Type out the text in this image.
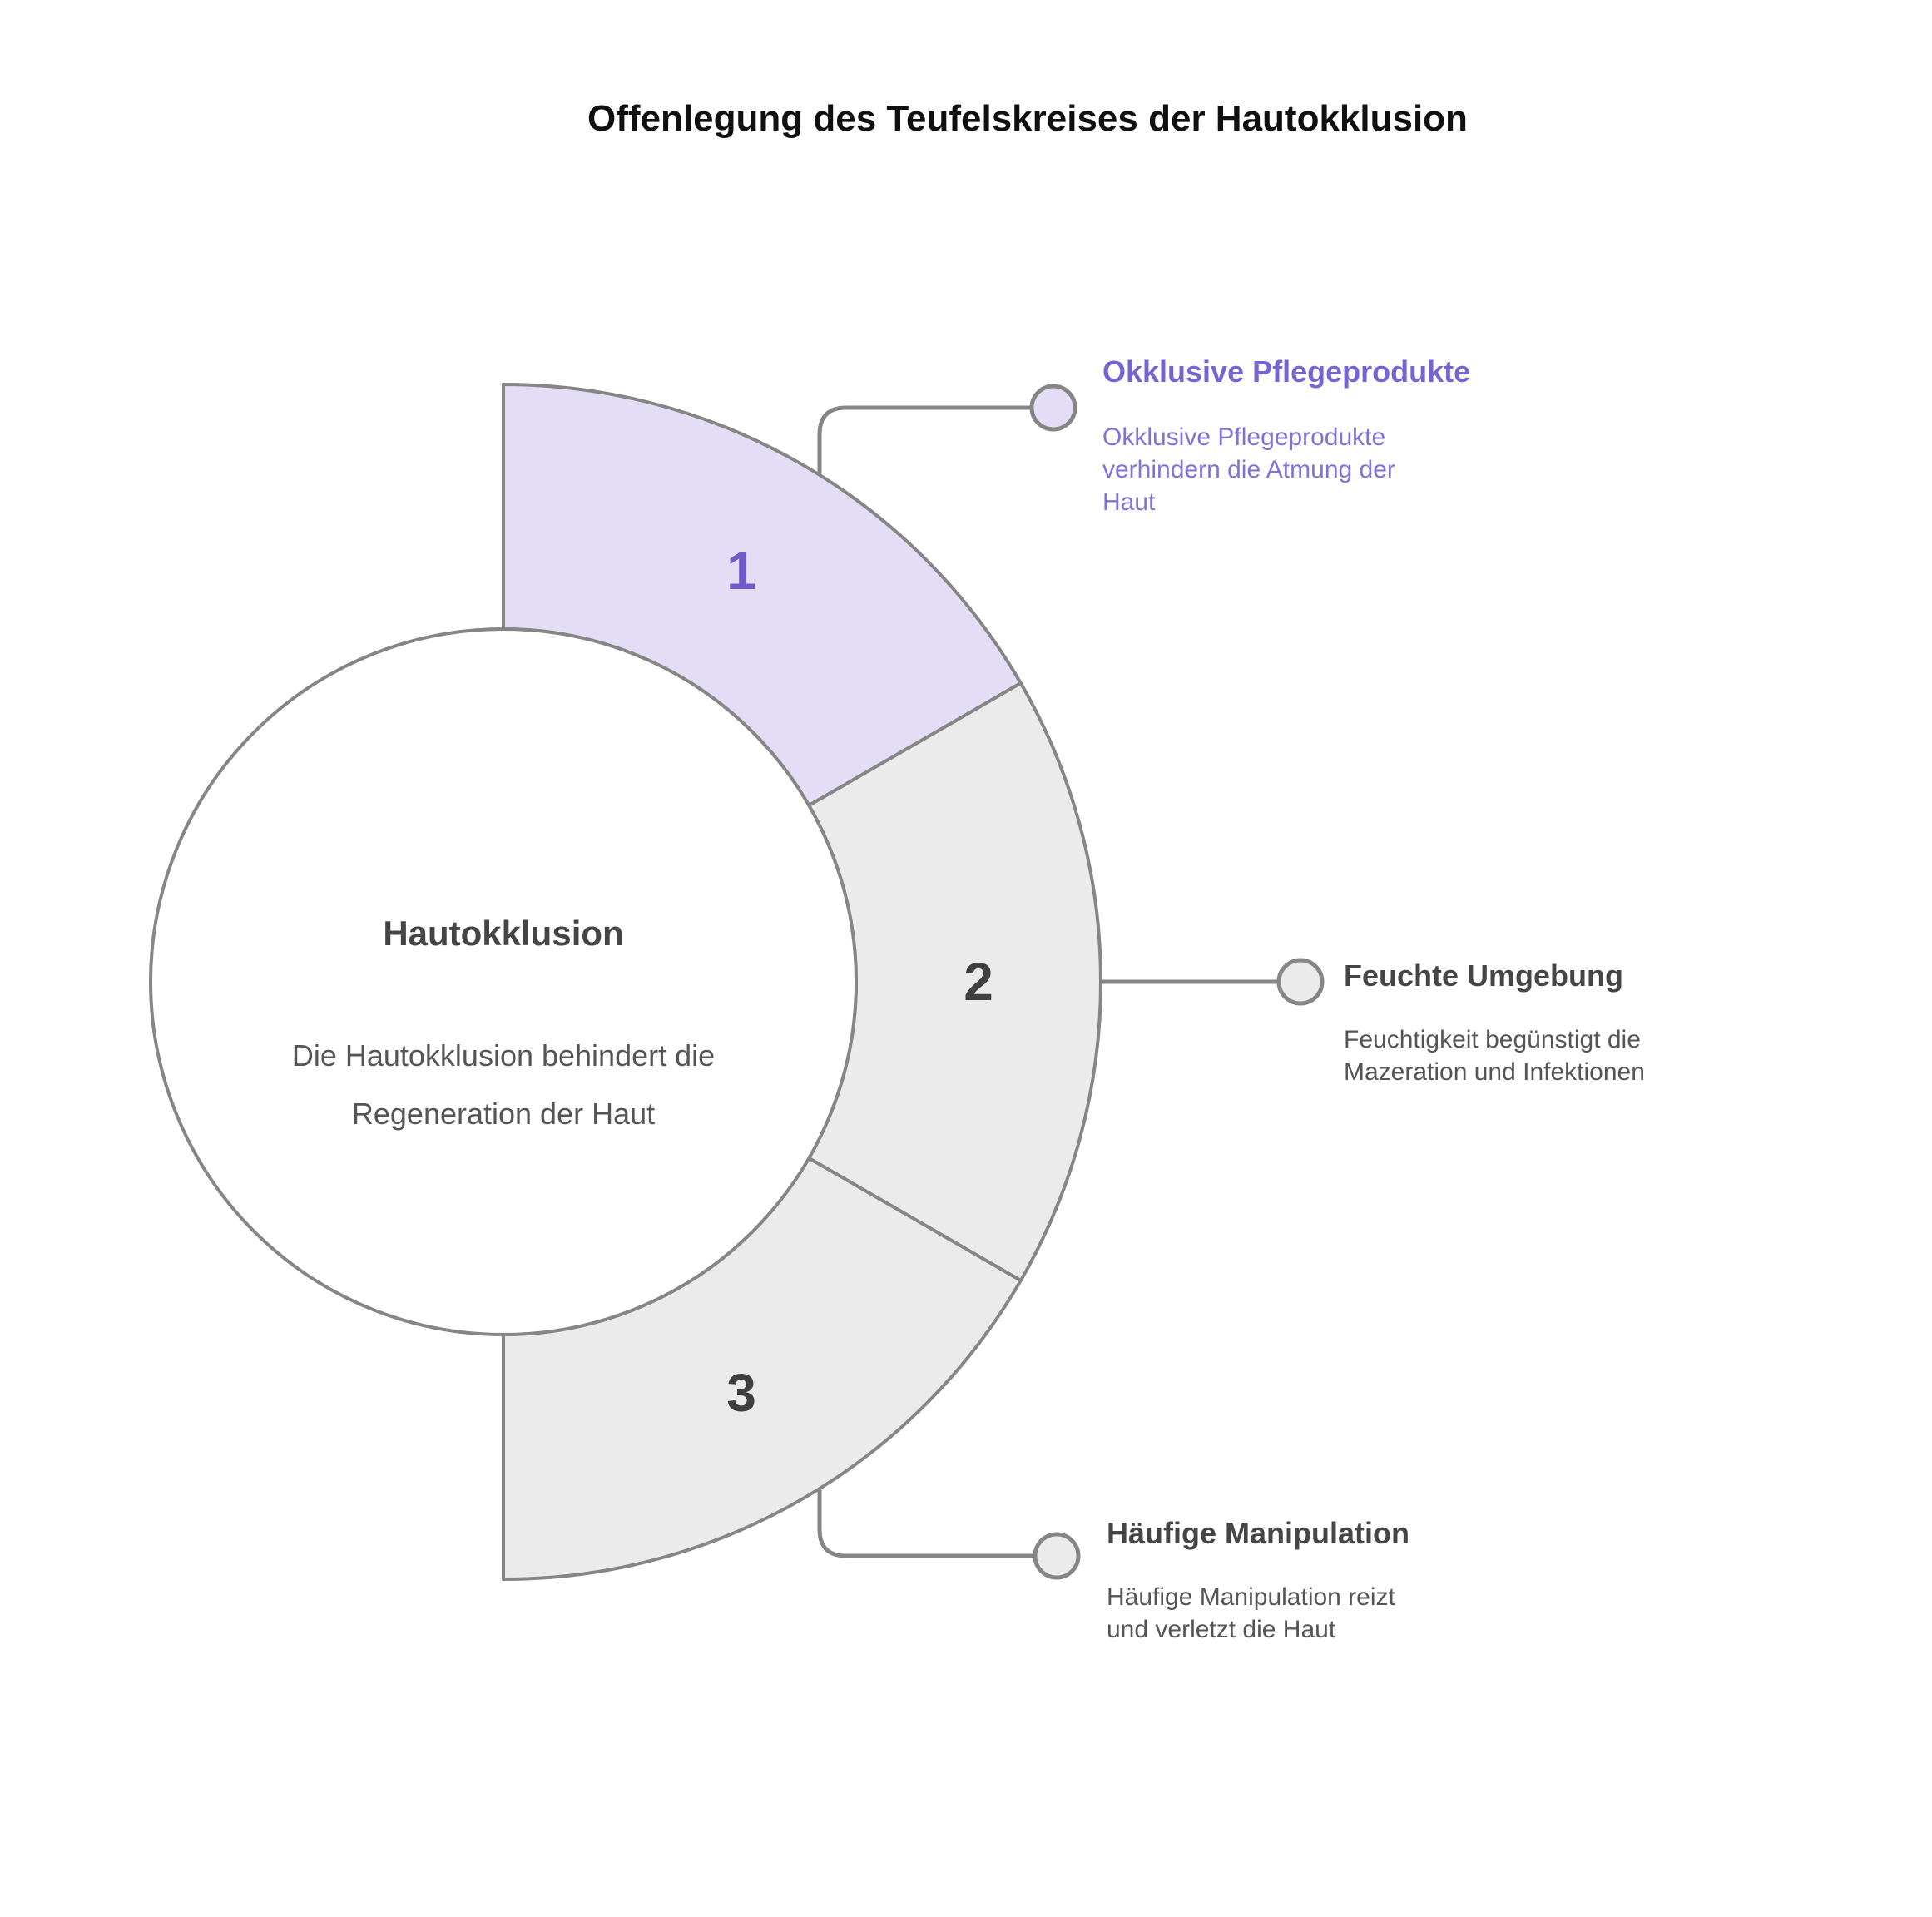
Offenlegung des Teufelskreises der Hautokklusion
1
2
3
Hautokklusion
Die Hautokklusion behindert die Regeneration der Haut
Okklusive Pflegeprodukte
Okklusive Pflegeprodukte verhindern die Atmung der Haut
Feuchte Umgebung
Feuchtigkeit begünstigt die Mazeration und Infektionen
Häufige Manipulation
Häufige Manipulation reizt und verletzt die Haut
